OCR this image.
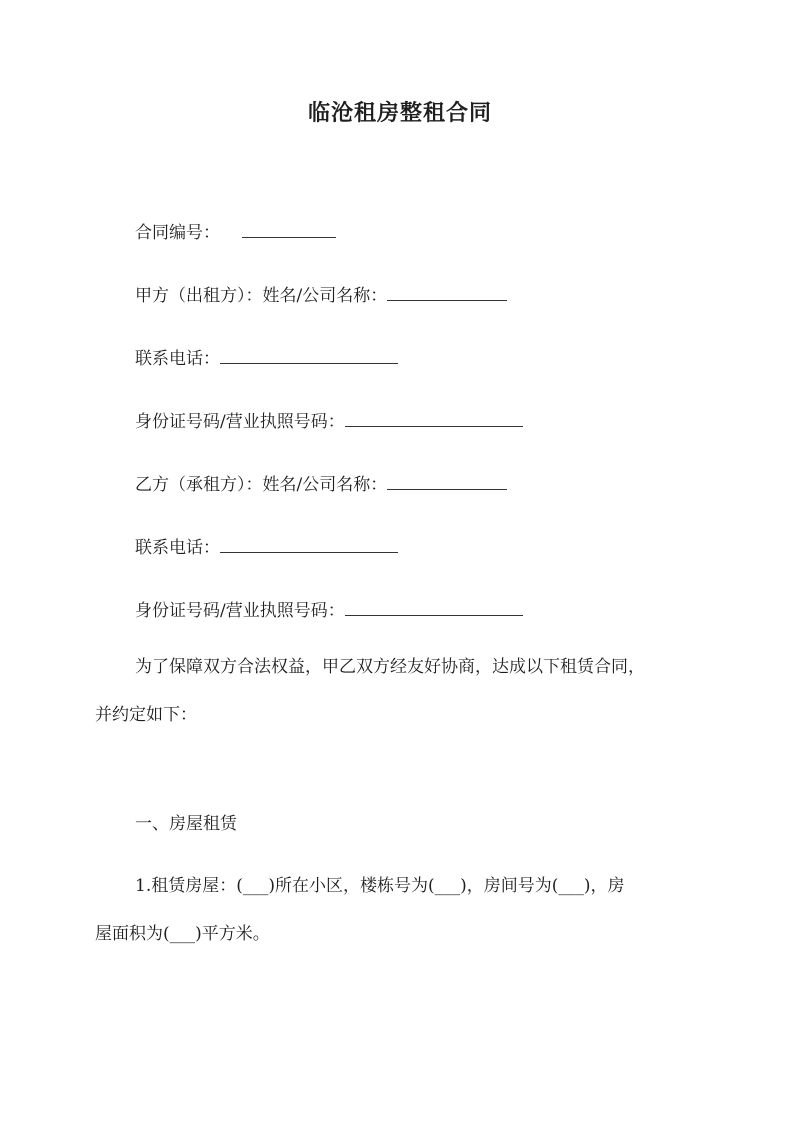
临沧租房整租合同
合同编号：
甲方（出租方）：姓名/公司名称：
联系电话：
身份证号码/营业执照号码：
乙方（承租方）：姓名/公司名称：
联系电话：
身份证号码/营业执照号码：
为了保障双方合法权益，甲乙双方经友好协商，达成以下租赁合同，
并约定如下：
一、房屋租赁
1.租赁房屋：(___)所在小区，楼栋号为(___)，房间号为(___)，房
屋面积为(___)平方米。
